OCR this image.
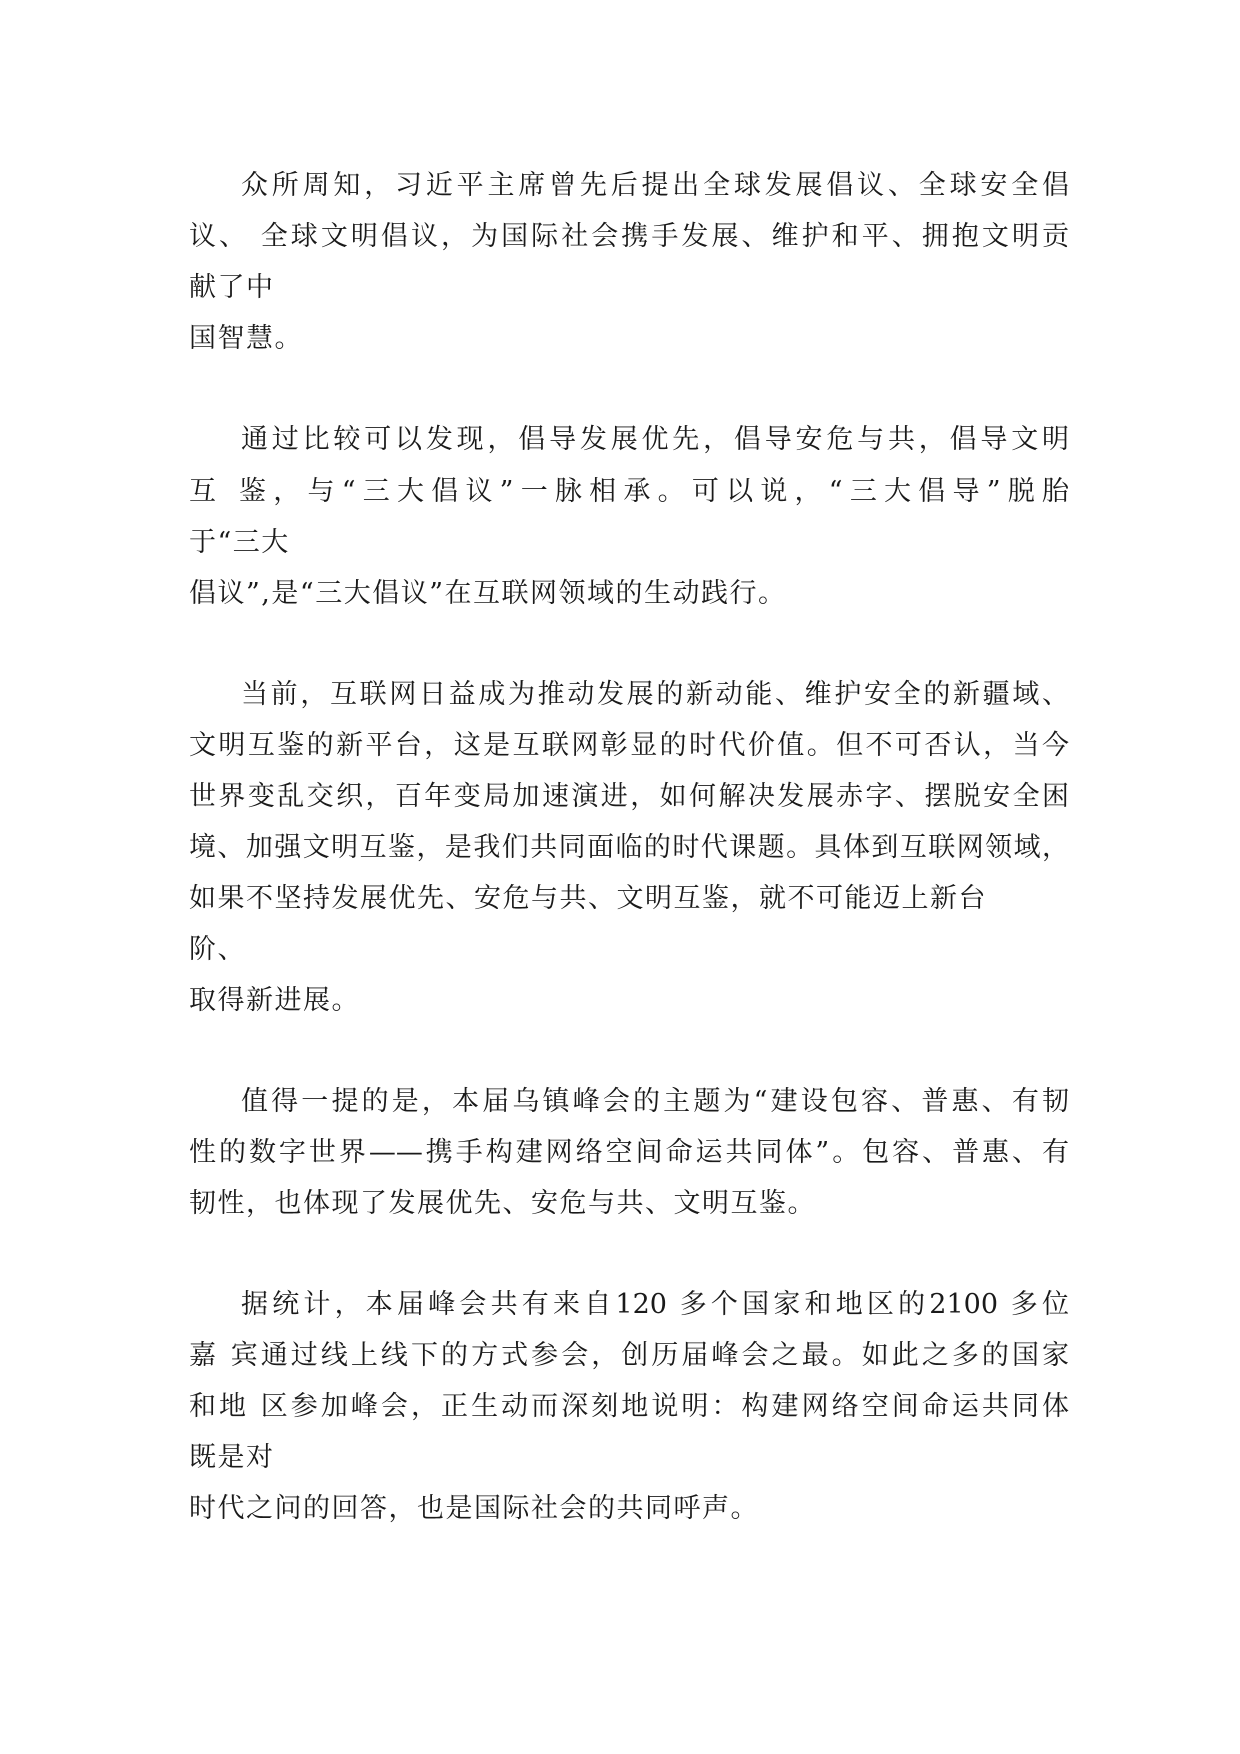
众所周知，习近平主席曾先后提出全球发展倡议、全球安全倡
议、 全球文明倡议，为国际社会携手发展、维护和平、拥抱文明贡
献了中
国智慧。
通过比较可以发现，倡导发展优先，倡导安危与共，倡导文明
互 鉴，与“三大倡议”一脉相承。可以说，“三大倡导”脱胎
于“三大
倡议”,是“三大倡议”在互联网领域的生动践行。
当前，互联网日益成为推动发展的新动能、维护安全的新疆域、
文明互鉴的新平台，这是互联网彰显的时代价值。但不可否认，当今
世界变乱交织，百年变局加速演进，如何解决发展赤字、摆脱安全困
境、加强文明互鉴，是我们共同面临的时代课题。具体到互联网领域，
如果不坚持发展优先、安危与共、文明互鉴，就不可能迈上新台
阶、
取得新进展。
值得一提的是，本届乌镇峰会的主题为“建设包容、普惠、有韧
性的数字世界——携手构建网络空间命运共同体”。包容、普惠、有
韧性，也体现了发展优先、安危与共、文明互鉴。
据统计，本届峰会共有来自120 多个国家和地区的2100 多位
嘉 宾通过线上线下的方式参会，创历届峰会之最。如此之多的国家
和地 区参加峰会，正生动而深刻地说明：构建网络空间命运共同体
既是对
时代之问的回答，也是国际社会的共同呼声。
